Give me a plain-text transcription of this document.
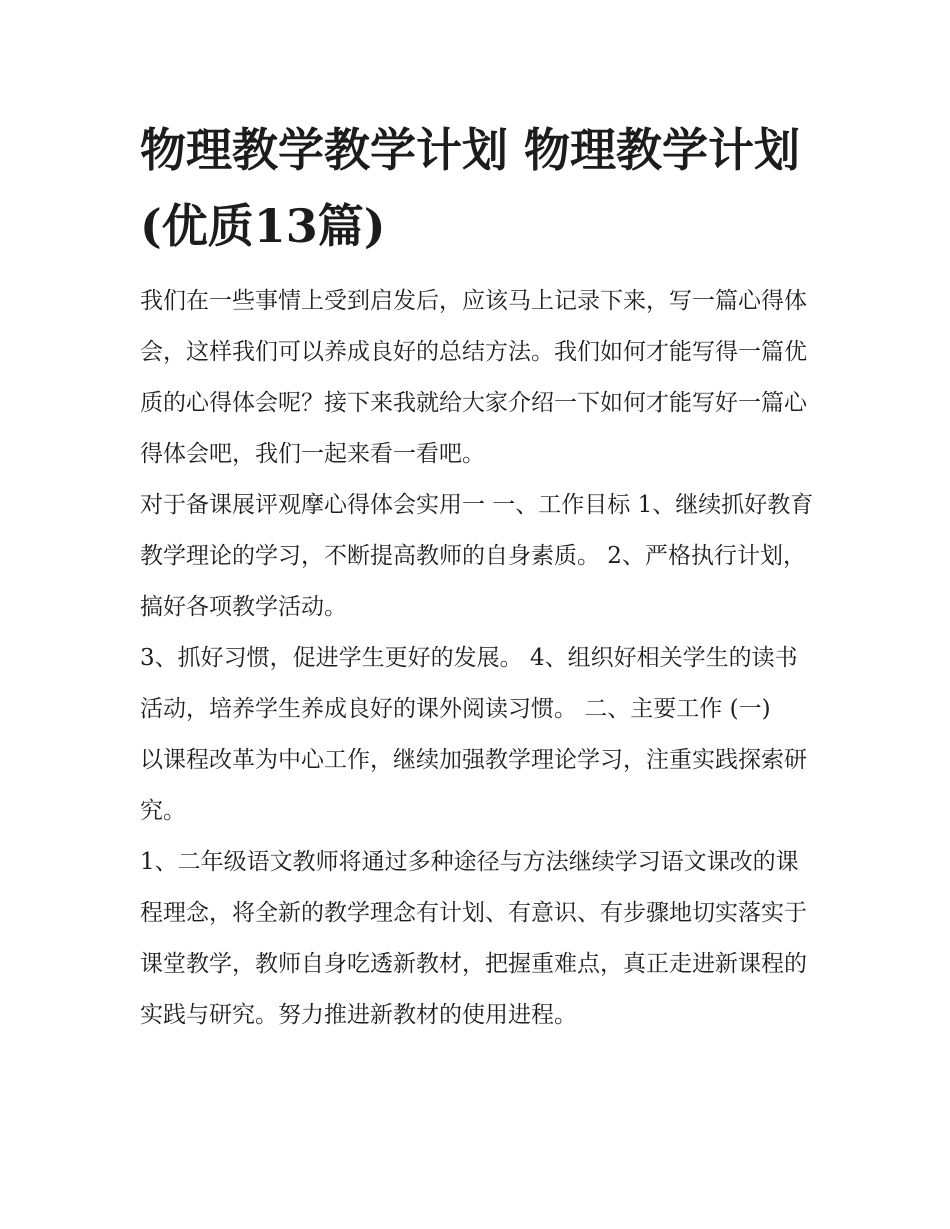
物理教学教学计划 物理教学计划(优质13篇)

我们在一些事情上受到启发后，应该马上记录下来，写一篇心得体会，这样我们可以养成良好的总结方法。我们如何才能写得一篇优质的心得体会呢？接下来我就给大家介绍一下如何才能写好一篇心得体会吧，我们一起来看一看吧。

对于备课展评观摩心得体会实用一 一、工作目标 1、继续抓好教育教学理论的学习，不断提高教师的自身素质。 2、严格执行计划，搞好各项教学活动。

3、抓好习惯，促进学生更好的发展。 4、组织好相关学生的读书活动，培养学生养成良好的课外阅读习惯。 二、主要工作 (一)

以课程改革为中心工作，继续加强教学理论学习，注重实践探索研究。

1、二年级语文教师将通过多种途径与方法继续学习语文课改的课程理念，将全新的教学理念有计划、有意识、有步骤地切实落实于课堂教学，教师自身吃透新教材，把握重难点，真正走进新课程的实践与研究。努力推进新教材的使用进程。
